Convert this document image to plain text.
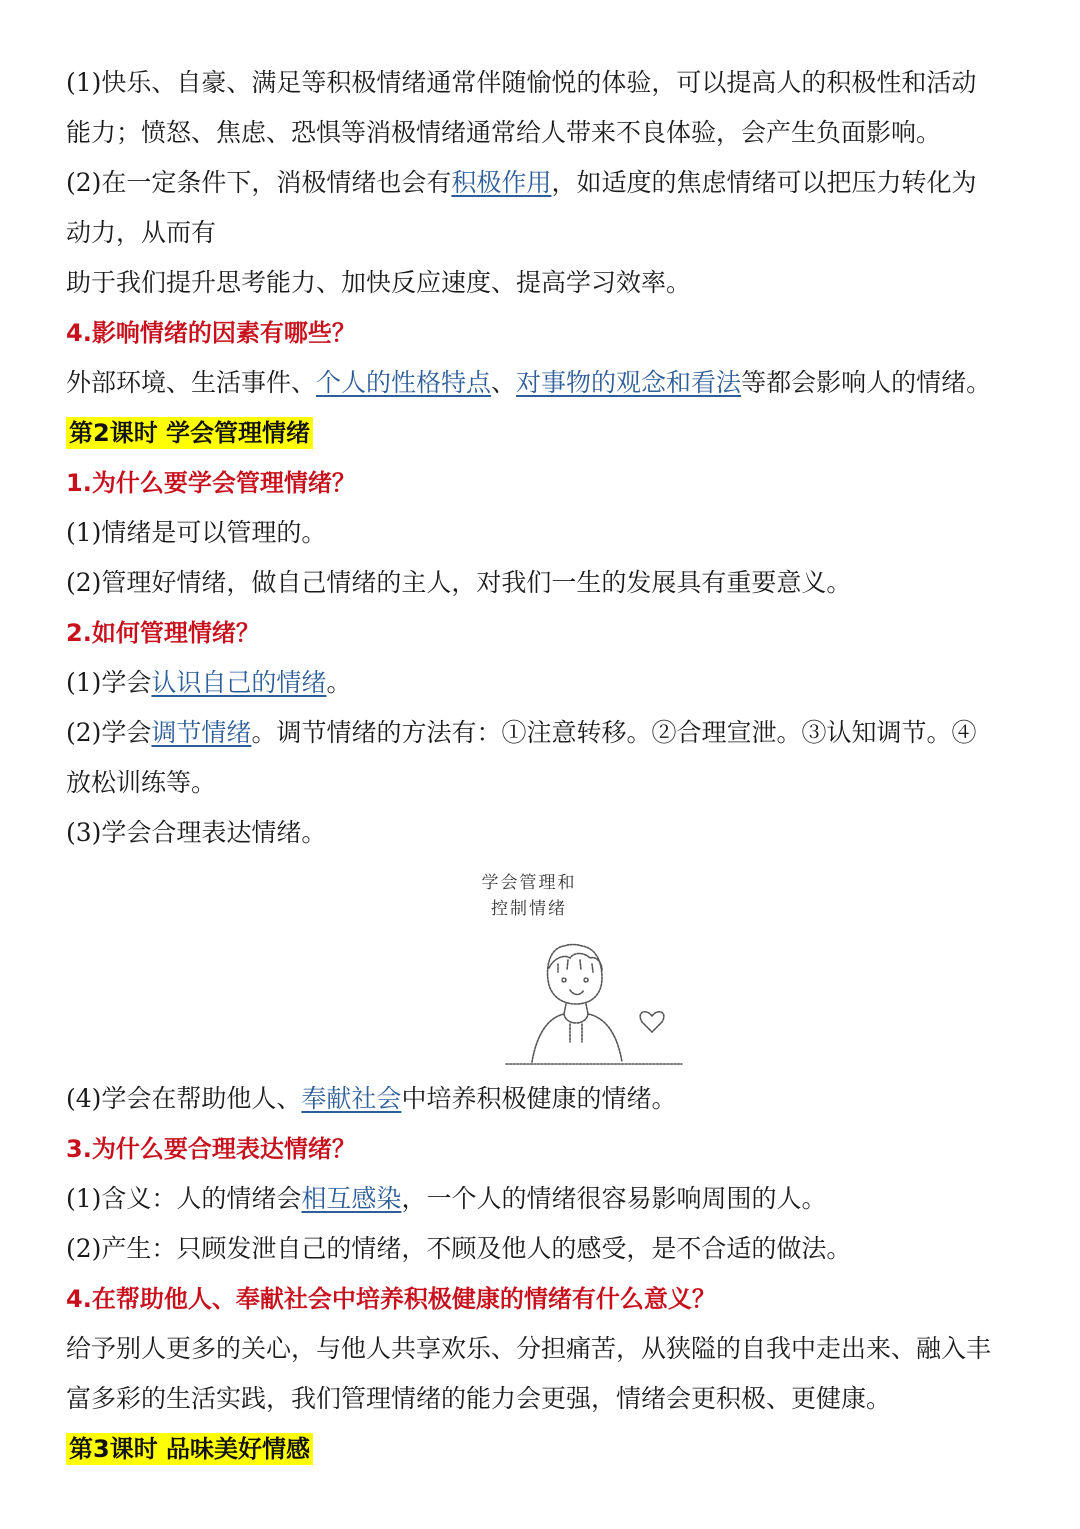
(1)快乐、自豪、满足等积极情绪通常伴随愉悦的体验，可以提高人的积极性和活动

能力；愤怒、焦虑、恐惧等消极情绪通常给人带来不良体验，会产生负面影响。

(2)在一定条件下，消极情绪也会有积极作用，如适度的焦虑情绪可以把压力转化为

动力，从而有

助于我们提升思考能力、加快反应速度、提高学习效率。

4.影响情绪的因素有哪些？

外部环境、生活事件、个人的性格特点、对事物的观念和看法等都会影响人的情绪。

第2课时 学会管理情绪

1.为什么要学会管理情绪？

(1)情绪是可以管理的。

(2)管理好情绪，做自己情绪的主人，对我们一生的发展具有重要意义。

2.如何管理情绪？

(1)学会认识自己的情绪。

(2)学会调节情绪。调节情绪的方法有：①注意转移。②合理宣泄。③认知调节。④

放松训练等。

(3)学会合理表达情绪。

学会管理和
控制情绪

(4)学会在帮助他人、奉献社会中培养积极健康的情绪。

3.为什么要合理表达情绪？

(1)含义：人的情绪会相互感染，一个人的情绪很容易影响周围的人。

(2)产生：只顾发泄自己的情绪，不顾及他人的感受，是不合适的做法。

4.在帮助他人、奉献社会中培养积极健康的情绪有什么意义？

给予别人更多的关心，与他人共享欢乐、分担痛苦，从狭隘的自我中走出来、融入丰

富多彩的生活实践，我们管理情绪的能力会更强，情绪会更积极、更健康。

第3课时 品味美好情感
